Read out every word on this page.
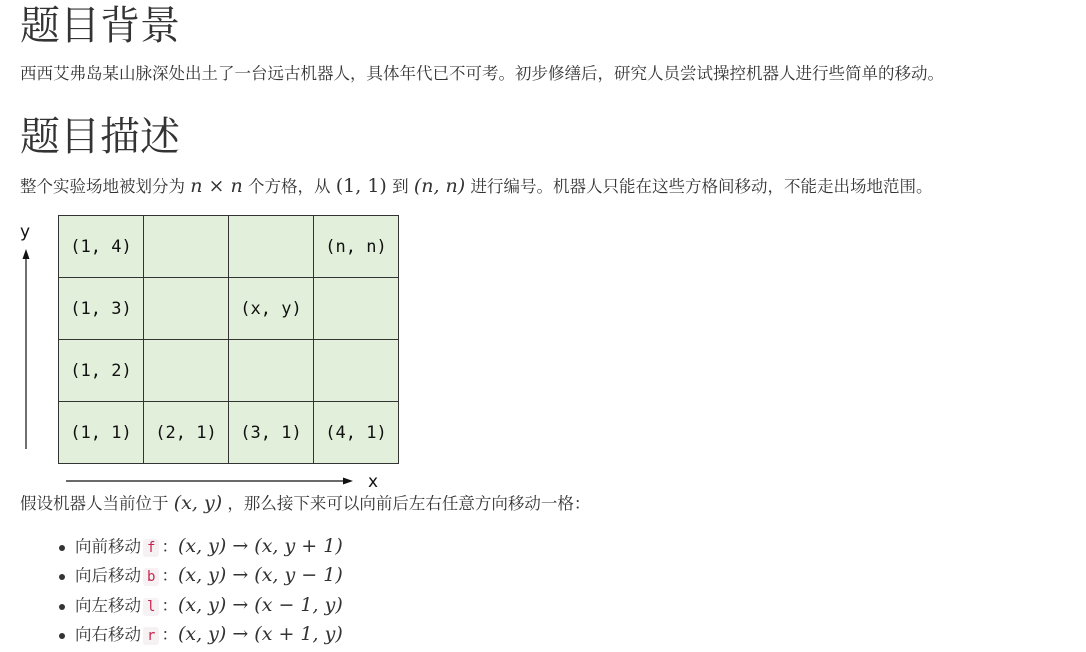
题目背景

西西艾弗岛某山脉深处出土了一台远古机器人，具体年代已不可考。初步修缮后，研究人员尝试操控机器人进行些简单的移动。

题目描述

整个实验场地被划分为 n × n 个方格，从 (1, 1) 到 (n, n) 进行编号。机器人只能在这些方格间移动，不能走出场地范围。

y
x
(1, 4)			(n, n)
(1, 3)		(x, y)	
(1, 2)			
(1, 1)	(2, 1)	(3, 1)	(4, 1)

假设机器人当前位于 (x, y) ，那么接下来可以向前后左右任意方向移动一格：

向前移动 f ：(x, y) → (x, y + 1)
向后移动 b ：(x, y) → (x, y − 1)
向左移动 l ：(x, y) → (x − 1, y)
向右移动 r ：(x, y) → (x + 1, y)
